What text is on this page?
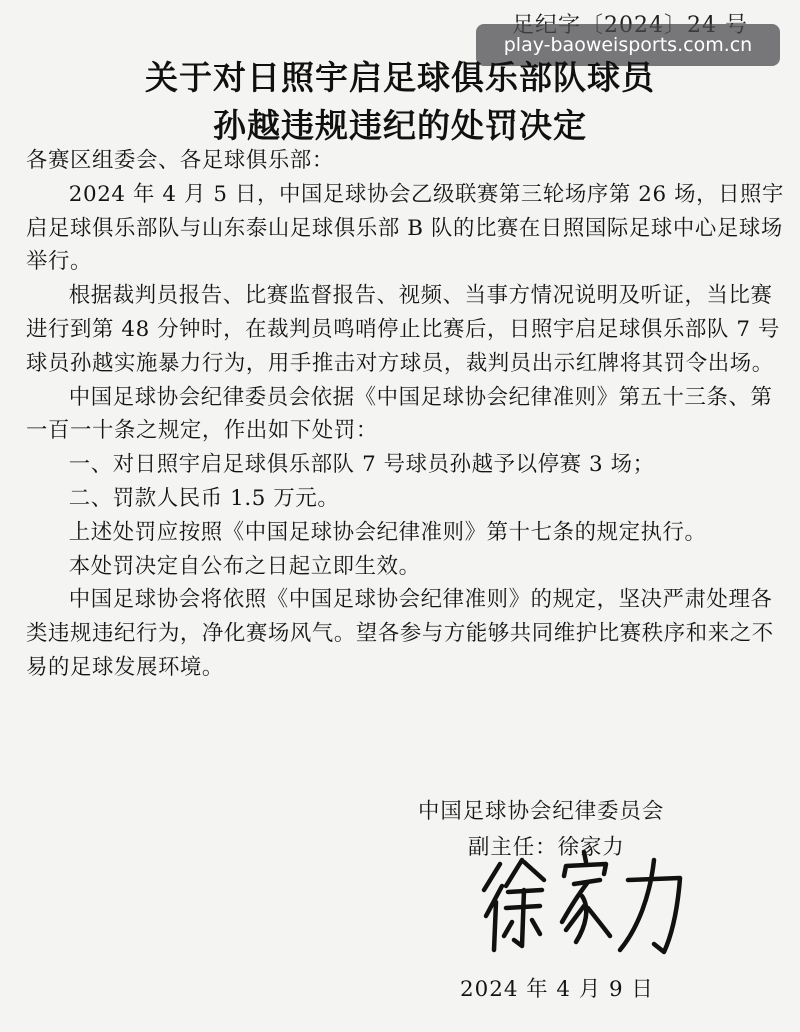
play-baoweisports.com.cn
关于对日照宇启足球俱乐部队球员
孙越违规违纪的处罚决定

各赛区组委会、各足球俱乐部：

2024 年 4 月 5 日，中国足球协会乙级联赛第三轮场序第 26 场，日照宇启足球俱乐部队与山东泰山足球俱乐部 B 队的比赛在日照国际足球中心足球场举行。

根据裁判员报告、比赛监督报告、视频、当事方情况说明及听证，当比赛进行到第 48 分钟时，在裁判员鸣哨停止比赛后，日照宇启足球俱乐部队 7 号球员孙越实施暴力行为，用手推击对方球员，裁判员出示红牌将其罚令出场。

中国足球协会纪律委员会依据《中国足球协会纪律准则》第五十三条、第一百一十条之规定，作出如下处罚：

一、对日照宇启足球俱乐部队 7 号球员孙越予以停赛 3 场；

二、罚款人民币 1.5 万元。

上述处罚应按照《中国足球协会纪律准则》第十七条的规定执行。

本处罚决定自公布之日起立即生效。

中国足球协会将依照《中国足球协会纪律准则》的规定，坚决严肃处理各类违规违纪行为，净化赛场风气。望各参与方能够共同维护比赛秩序和来之不易的足球发展环境。

中国足球协会纪律委员会
副主任：徐家力
2024 年 4 月 9 日
